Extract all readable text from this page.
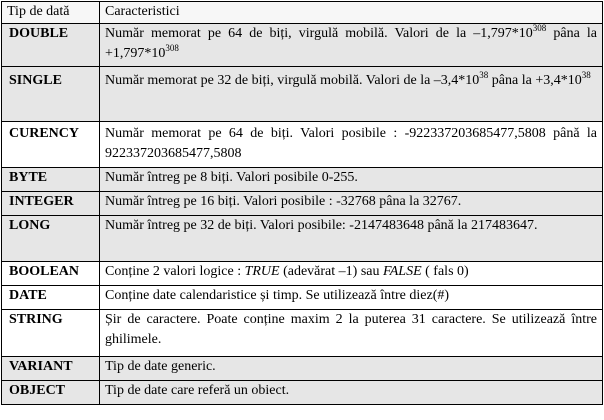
Tip de dată	Caracteristici
DOUBLE	Număr memorat pe 64 de biți, virgulă mobilă. Valori de la $-1,797*10^{308}$ pâna la $+1,797*10^{308}$
SINGLE	Număr memorat pe 32 de biți, virgulă mobilă. Valori de la $-3,4*10^{38}$ pâna la $+3,4*10^{38}$
CURENCY	Număr memorat pe 64 de biți. Valori posibile : -922337203685477,5808 până la 922337203685477,5808
BYTE	Număr întreg pe 8 biți. Valori posibile 0-255.
INTEGER	Număr întreg pe 16 biți. Valori posibile : -32768 pâna la 32767.
LONG	Număr întreg pe 32 de biți. Valori posibile: -2147483648 până la 217483647.
BOOLEAN	Conține 2 valori logice : TRUE (adevărat –1) sau FALSE ( fals 0)
DATE	Conține date calendaristice și timp. Se utilizează între diez(#)
STRING	Șir de caractere. Poate conține maxim 2 la puterea 31 caractere. Se utilizează între ghilimele.
VARIANT	Tip de date generic.
OBJECT	Tip de date care referă un obiect.
